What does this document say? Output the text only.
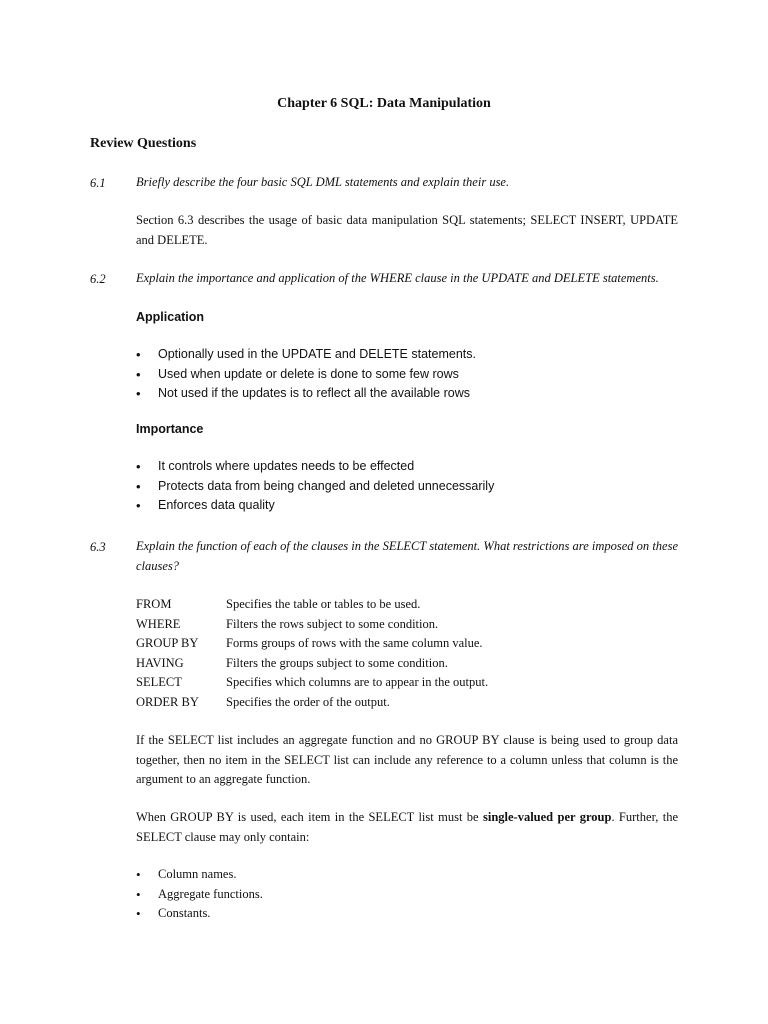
Chapter 6 SQL: Data Manipulation
Review Questions
6.1 Briefly describe the four basic SQL DML statements and explain their use.
Section 6.3 describes the usage of basic data manipulation SQL statements; SELECT INSERT, UPDATE and DELETE.
6.2 Explain the importance and application of the WHERE clause in the UPDATE and DELETE statements.
Application
• Optionally used in the UPDATE and DELETE statements.
• Used when update or delete is done to some few rows
• Not used if the updates is to reflect all the available rows
Importance
• It controls where updates needs to be effected
• Protects data from being changed and deleted unnecessarily
• Enforces data quality
6.3 Explain the function of each of the clauses in the SELECT statement. What restrictions are imposed on these clauses?
FROM	Specifies the table or tables to be used.
WHERE	Filters the rows subject to some condition.
GROUP BY	Forms groups of rows with the same column value.
HAVING	Filters the groups subject to some condition.
SELECT	Specifies which columns are to appear in the output.
ORDER BY	Specifies the order of the output.
If the SELECT list includes an aggregate function and no GROUP BY clause is being used to group data together, then no item in the SELECT list can include any reference to a column unless that column is the argument to an aggregate function.
When GROUP BY is used, each item in the SELECT list must be single-valued per group. Further, the SELECT clause may only contain:
• Column names.
• Aggregate functions.
• Constants.
